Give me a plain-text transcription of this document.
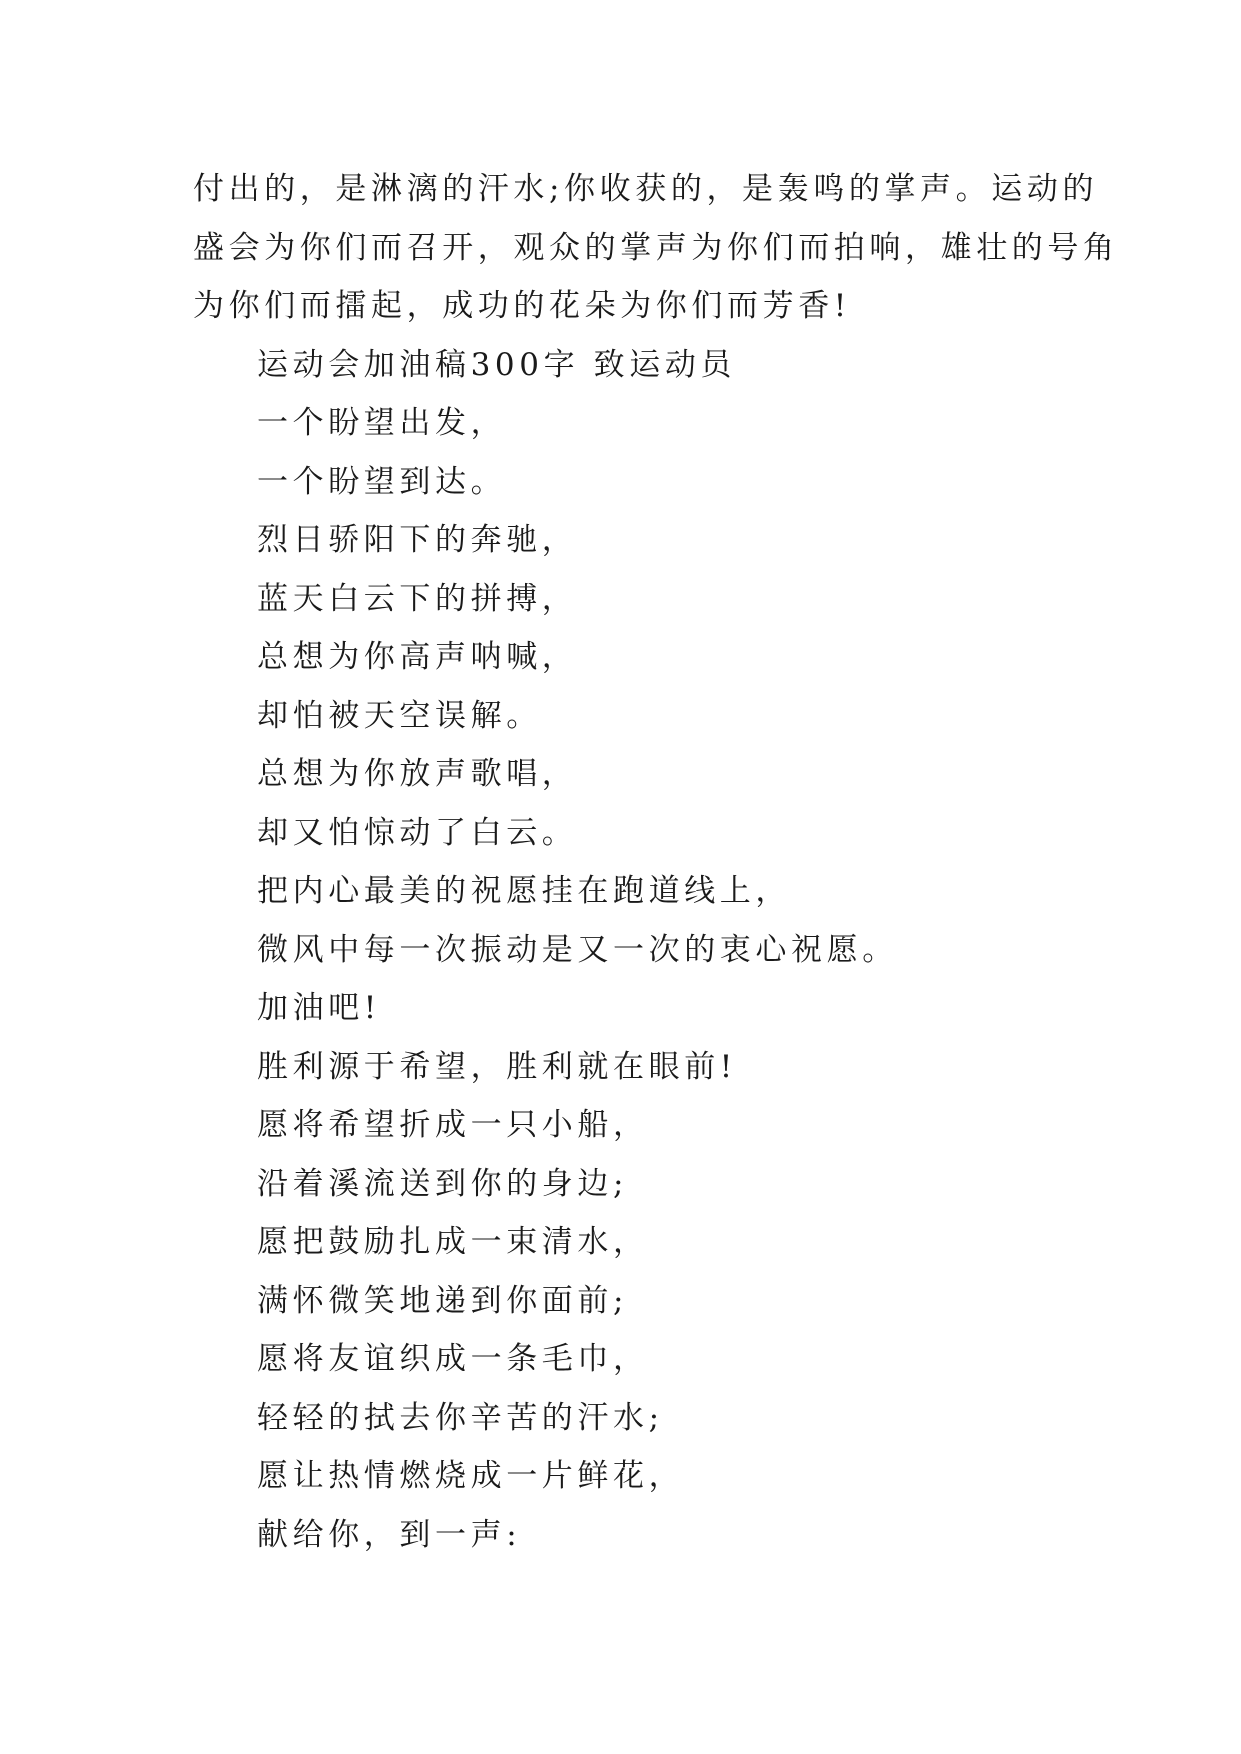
付出的，是淋漓的汗水;你收获的，是轰鸣的掌声。运动的

盛会为你们而召开，观众的掌声为你们而拍响，雄壮的号角

为你们而擂起，成功的花朵为你们而芳香!

运动会加油稿300字 致运动员

一个盼望出发，

一个盼望到达。

烈日骄阳下的奔驰，

蓝天白云下的拼搏，

总想为你高声呐喊，

却怕被天空误解。

总想为你放声歌唱，

却又怕惊动了白云。

把内心最美的祝愿挂在跑道线上，

微风中每一次振动是又一次的衷心祝愿。

加油吧!

胜利源于希望，胜利就在眼前!

愿将希望折成一只小船，

沿着溪流送到你的身边;

愿把鼓励扎成一束清水，

满怀微笑地递到你面前;

愿将友谊织成一条毛巾，

轻轻的拭去你辛苦的汗水;

愿让热情燃烧成一片鲜花，

献给你，到一声:
